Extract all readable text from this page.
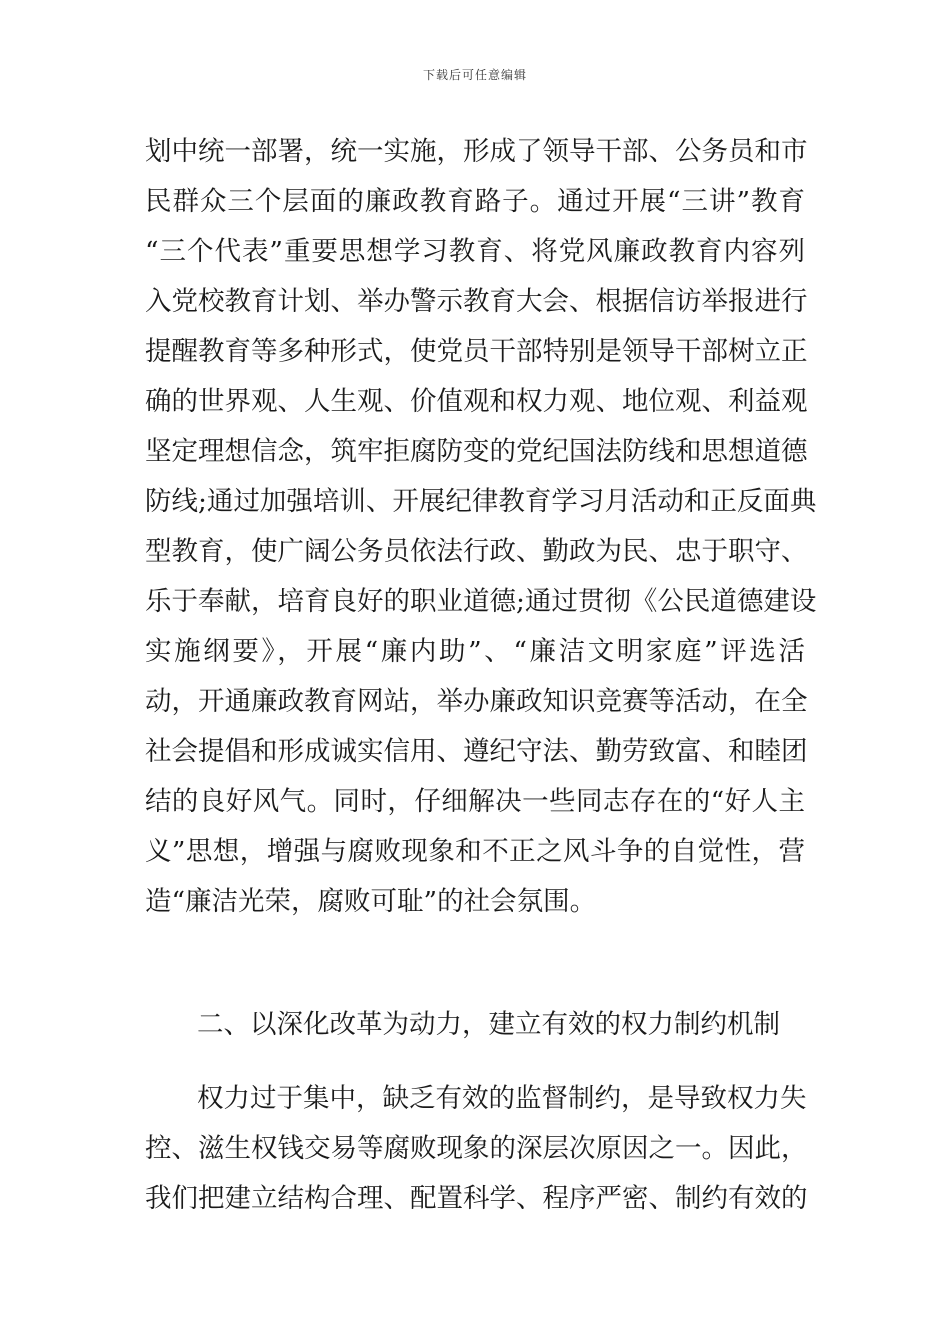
下载后可任意编辑
划中统一部署，统一实施，形成了领导干部、公务员和市
民群众三个层面的廉政教育路子。通过开展“三讲”教育
“三个代表”重要思想学习教育、将党风廉政教育内容列
入党校教育计划、举办警示教育大会、根据信访举报进行
提醒教育等多种形式，使党员干部特别是领导干部树立正
确的世界观、人生观、价值观和权力观、地位观、利益观
坚定理想信念，筑牢拒腐防变的党纪国法防线和思想道德
防线;通过加强培训、开展纪律教育学习月活动和正反面典
型教育，使广阔公务员依法行政、勤政为民、忠于职守、
乐于奉献，培育良好的职业道德;通过贯彻《公民道德建设
实施纲要》，开展“廉内助”、“廉洁文明家庭”评选活
动，开通廉政教育网站，举办廉政知识竞赛等活动，在全
社会提倡和形成诚实信用、遵纪守法、勤劳致富、和睦团
结的良好风气。同时，仔细解决一些同志存在的“好人主
义”思想，增强与腐败现象和不正之风斗争的自觉性，营
造“廉洁光荣，腐败可耻”的社会氛围。
二、以深化改革为动力，建立有效的权力制约机制
权力过于集中，缺乏有效的监督制约，是导致权力失
控、滋生权钱交易等腐败现象的深层次原因之一。因此，
我们把建立结构合理、配置科学、程序严密、制约有效的
